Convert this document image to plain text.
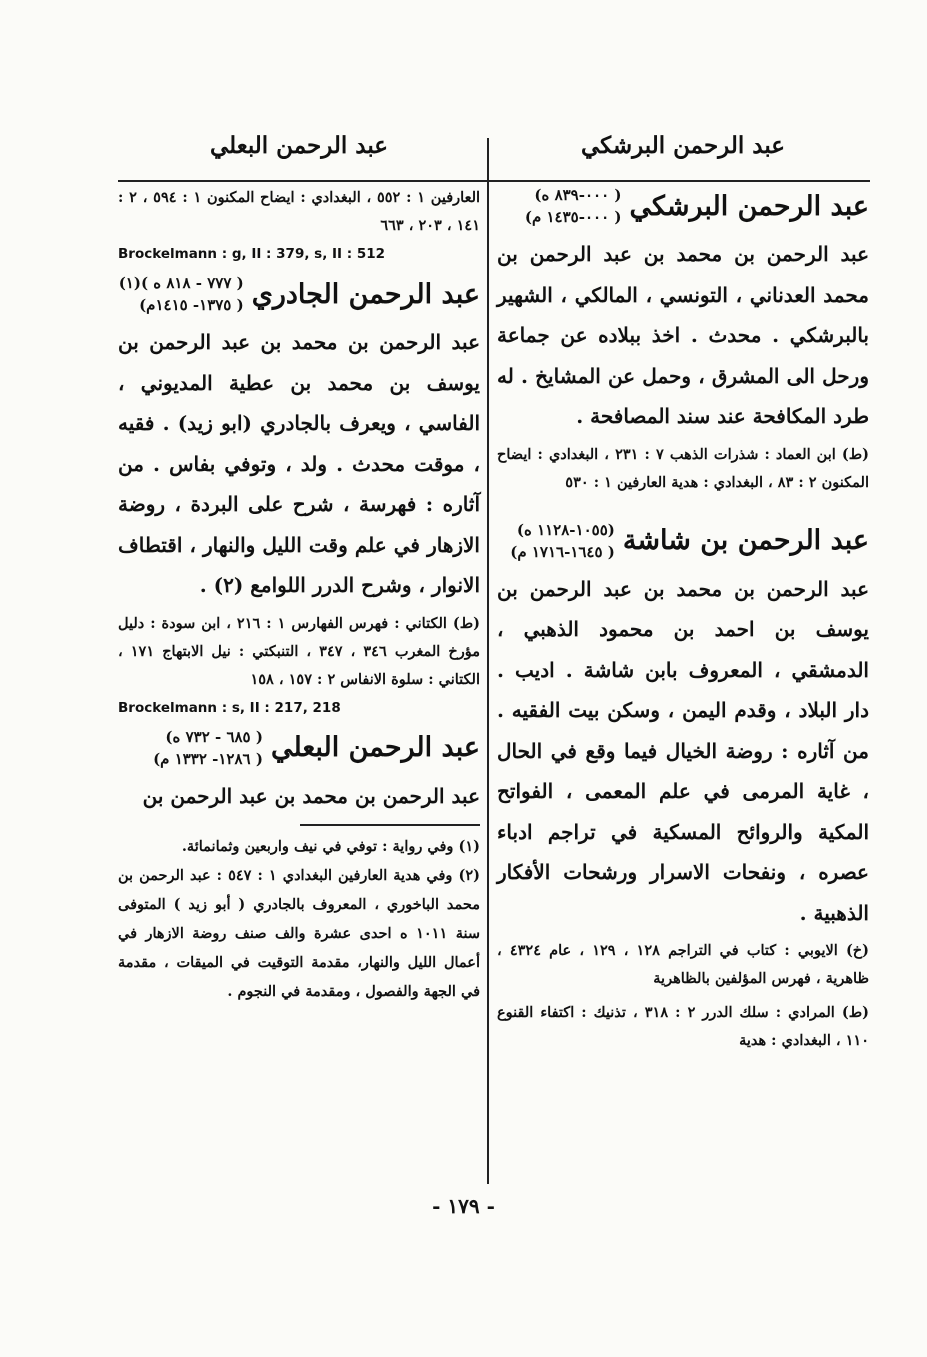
عبد الرحمن البرشكي
عبد الرحمن البرشكي
( ٠٠٠-٨٣٩ ه)
( ٠٠٠-١٤٣٥ م)

عبد الرحمن بن محمد بن عبد الرحمن بن محمد العدناني ، التونسي ، المالكي ، الشهير بالبرشكي . محدث . اخذ ببلاده عن جماعة ورحل الى المشرق ، وحمل عن المشايخ . له طرد المكافحة عند سند المصافحة .

(ط) ابن العماد : شذرات الذهب ٧ : ٢٣١ ، البغدادي : ايضاح المكنون ٢ : ٨٣ ، البغدادي : هدية العارفين ١ : ٥٣٠

عبد الرحمن بن شاشة
(١٠٥٥-١١٢٨ ه)
( ١٦٤٥-١٧١٦ م)

عبد الرحمن بن محمد بن عبد الرحمن بن يوسف بن احمد بن محمود الذهبي ، الدمشقي ، المعروف بابن شاشة . اديب . دار البلاد ، وقدم اليمن ، وسكن بيت الفقيه . من آثاره : روضة الخيال فيما وقع في الحال ، غاية المرمى في علم المعمى ، الفواتح المكية والروائح المسكية في تراجم ادباء عصره ، ونفحات الاسرار ورشحات الأفكار الذهبية .

(خ) الايوبي : كتاب في التراجم ١٢٨ ، ١٢٩ ، عام ٤٣٢٤ ، ظاهرية ، فهرس المؤلفين بالظاهرية

(ط) المرادي : سلك الدرر ٢ : ٣١٨ ، تذنيك : اكتفاء القنوع ١١٠ ، البغدادي : هدية

عبد الرحمن البعلي

العارفين ١ : ٥٥٢ ، البغدادي : ايضاح المكنون ١ : ٥٩٤ ، ٢ : ١٤١ ، ٢٠٣ ، ٦٦٣

Brockelmann : g, II : 379, s, II : 512
عبد الرحمن الجادري
( ٧٧٧ - ٨١٨ ه )(١)
( ١٣٧٥- ١٤١٥م)

عبد الرحمن بن محمد بن عبد الرحمن بن يوسف بن محمد بن عطية المديوني ، الفاسي ، ويعرف بالجادري (ابو زيد) . فقيه ، موقت محدث . ولد ، وتوفي بفاس . من آثاره : فهرسة ، شرح على البردة ، روضة الازهار في علم وقت الليل والنهار ، اقتطاف الانوار ، وشرح الدرر اللوامع (٢) .

(ط) الكتاني : فهرس الفهارس ١ : ٢١٦ ، ابن سودة : دليل مؤرخ المغرب ٣٤٦ ، ٣٤٧ ، التنبكتي : نيل الابتهاج ١٧١ ، الكتاني : سلوة الانفاس ٢ : ١٥٧ ، ١٥٨

Brockelmann : s, II : 217, 218
عبد الرحمن البعلي
( ٦٨٥ - ٧٣٢ ه)
( ١٢٨٦- ١٣٣٢ م)

عبد الرحمن بن محمد بن عبد الرحمن بن

(١) وفي رواية : توفي في نيف واربعين وثمانمائة.

(٢) وفي هدية العارفين البغدادي ١ : ٥٤٧ : عبد الرحمن بن محمد الباخوري ، المعروف بالجادري ( أبو زيد ) المتوفى سنة ١٠١١ ه احدى عشرة والف صنف روضة الازهار في أعمال الليل والنهار، مقدمة التوقيت في الميقات ، مقدمة في الجهة والفصول ، ومقدمة في النجوم .

- ١٧٩ -
